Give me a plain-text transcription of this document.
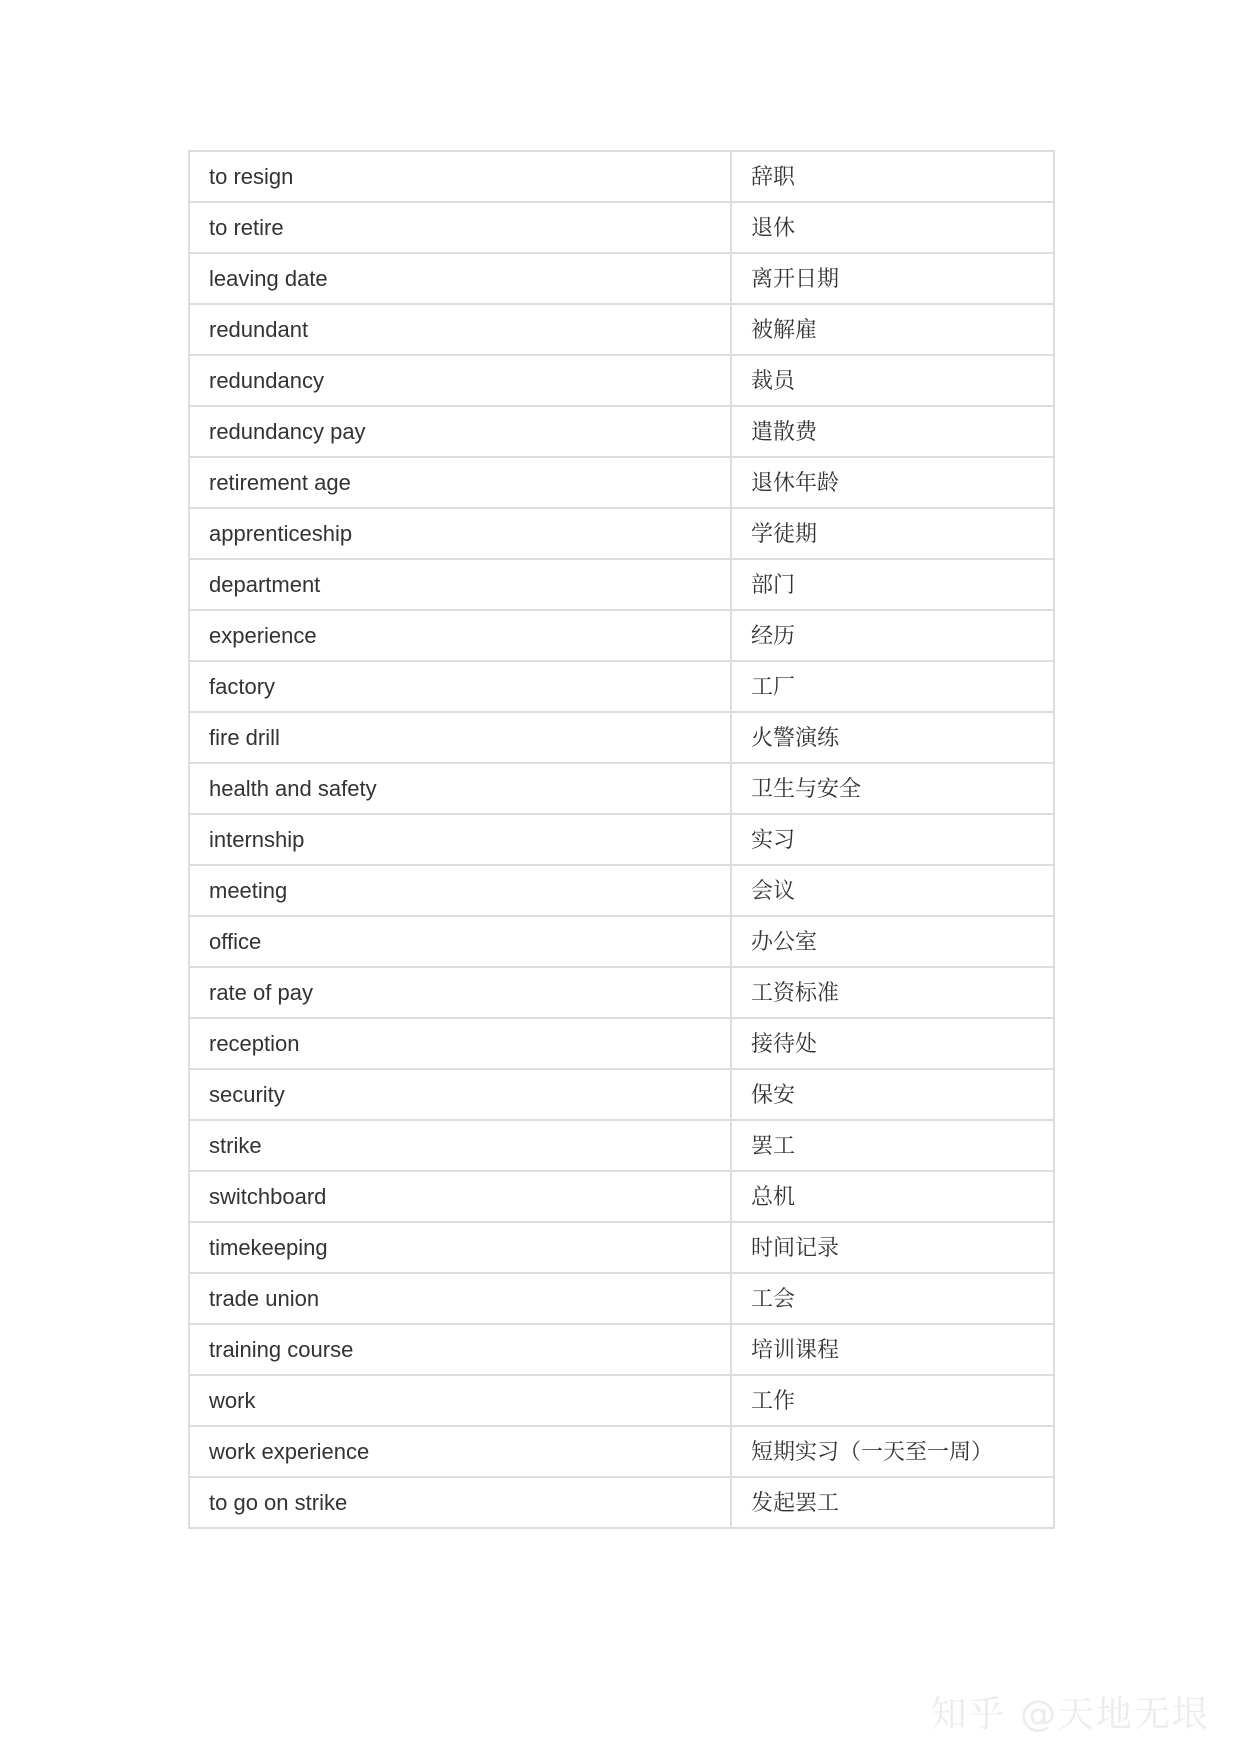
to resign	辞职
to retire	退休
leaving date	离开日期
redundant	被解雇
redundancy	裁员
redundancy pay	遣散费
retirement age	退休年龄
apprenticeship	学徒期
department	部门
experience	经历
factory	工厂
fire drill	火警演练
health and safety	卫生与安全
internship	实习
meeting	会议
office	办公室
rate of pay	工资标准
reception	接待处
security	保安
strike	罢工
switchboard	总机
timekeeping	时间记录
trade union	工会
training course	培训课程
work	工作
work experience	短期实习（一天至一周）
to go on strike	发起罢工
知乎 @天地无垠
